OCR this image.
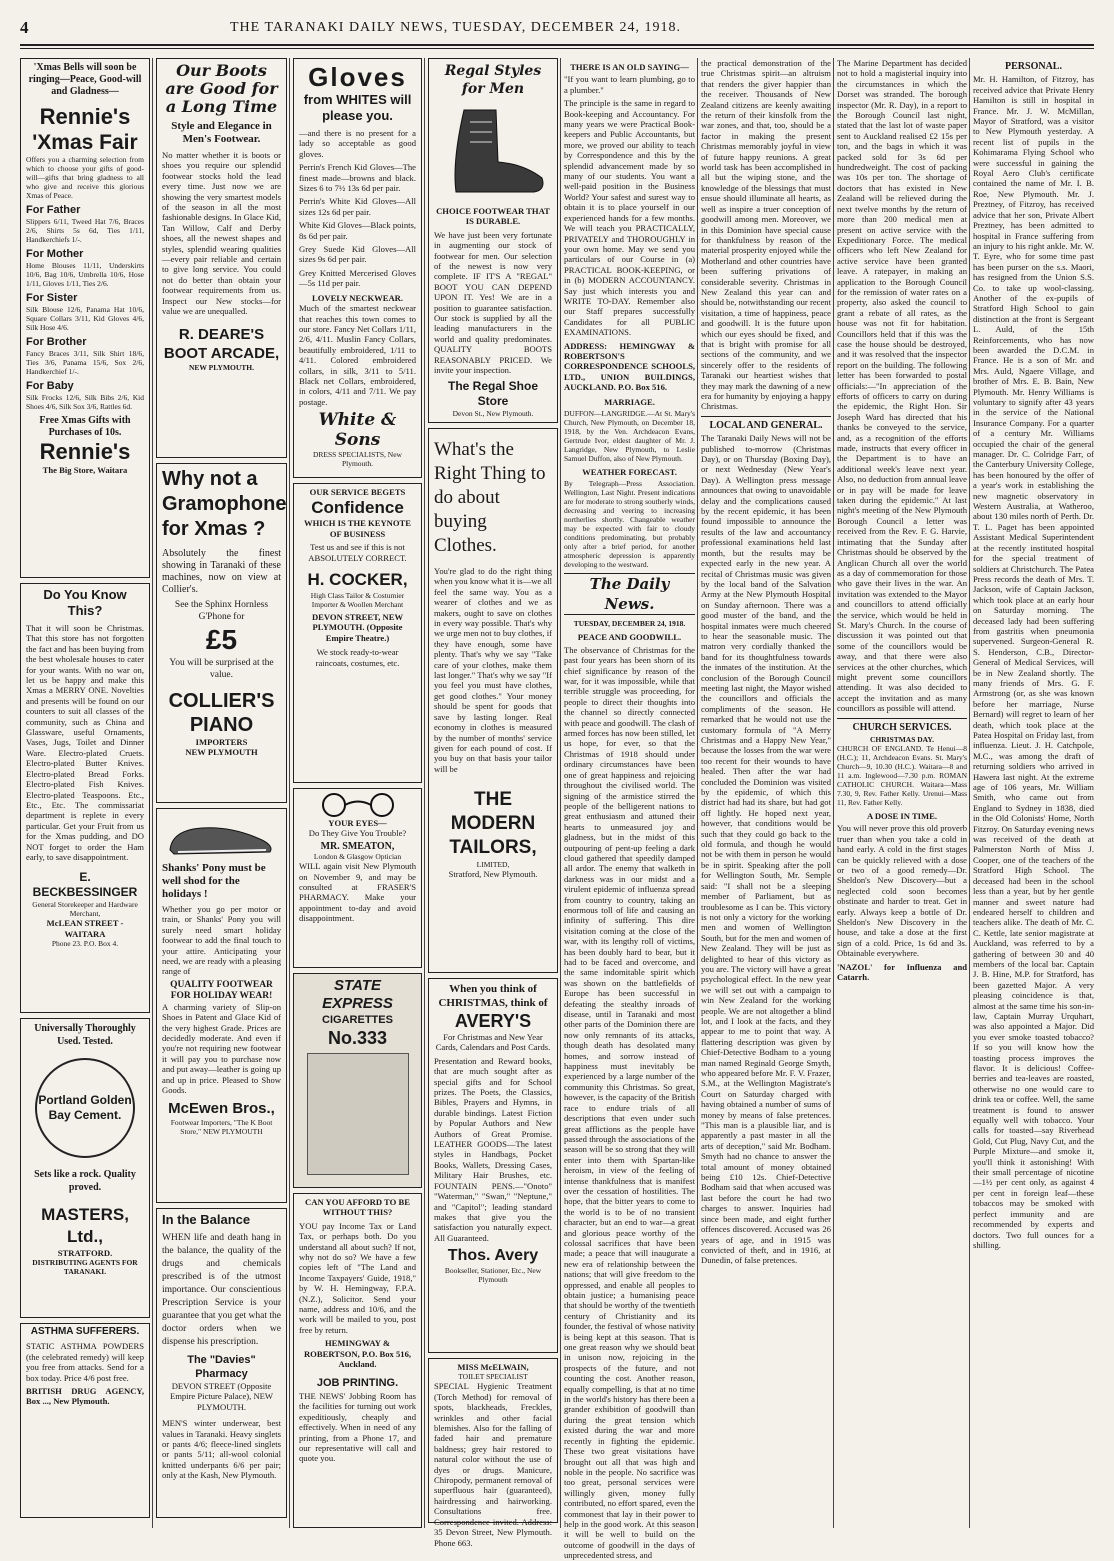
4	THE TARANAKI DAILY NEWS, TUESDAY, DECEMBER 24, 1918.
'Xmas Bells will soon be ringing—Peace, Good-will and Gladness—
Rennie's
'Xmas Fair
Offers you a charming selection from which to choose your gifts of good-will—gifts that bring gladness to all who give and receive this glorious Xmas of Peace.
For Father
Slippers 6/11, Tweed Hat 7/6, Braces 2/6, Shirts 5s 6d, Ties 1/11, Handkerchiefs 1/-.
For Mother
Home Blouses 11/11, Underskirts 10/6, Bag 10/6, Umbrella 10/6, Hose 1/11, Gloves 1/11, Ties 2/6.
For Sister
Silk Blouse 12/6, Panama Hat 10/6, Square Collars 3/11, Kid Gloves 4/6, Silk Hose 4/6.
For Brother
Fancy Braces 3/11, Silk Shirt 18/6, Ties 3/6, Panama 15/6, Sox 2/6, Handkerchief 1/-.
For Baby
Silk Frocks 12/6, Silk Bibs 2/6, Kid Shoes 4/6, Silk Sox 3/6, Rattles 6d.
Free Xmas Gifts with Purchases of 10s.
Rennie's
The Big Store, Waitara
Do You Know This?
That it will soon be Christmas. That this store has not forgotten the fact and has been buying from the best wholesale houses to cater for your wants. With no war on, let us be happy and make this Xmas a MERRY ONE. Novelties and presents will be found on our counters to suit all classes of the community, such as China and Glassware, useful Ornaments, Vases, Jugs, Toilet and Dinner Ware. Electro-plated Cruets. Electro-plated Butter Knives. Electro-plated Bread Forks. Electro-plated Fish Knives. Electro-plated Teaspoons. Etc., Etc., Etc. The commissariat department is replete in every particular. Get your Fruit from us for the Xmas pudding, and DO NOT forget to order the Ham early, to save disappointment.
E. BECKBESSINGER
General Storekeeper and Hardware Merchant,
McLEAN STREET - WAITARA
Phone 23. P.O. Box 4.
Universally Thoroughly Used. Tested.
Portland Golden Bay Cement.
Sets like a rock. Quality proved.
MASTERS, Ltd.,
STRATFORD.
DISTRIBUTING AGENTS FOR TARANAKI.
ASTHMA SUFFERERS.
STATIC ASTHMA POWDERS (the celebrated remedy) will keep you free from attacks. Send for a box today. Price 4/6 post free.
BRITISH DRUG AGENCY, Box ..., New Plymouth.
Our Boots are Good for a Long Time
Style and Elegance in Men's Footwear.
No matter whether it is boots or shoes you require our splendid footwear stocks hold the lead every time. Just now we are showing the very smartest models of the season in all the most fashionable designs. In Glace Kid, Tan Willow, Calf and Derby shoes, all the newest shapes and styles, splendid wearing qualities—every pair reliable and certain to give long service. You could not do better than obtain your footwear requirements from us. Inspect our New stocks—for value we are unequalled.
R. DEARE'S BOOT ARCADE,
NEW PLYMOUTH.
Why not a Gramophone for Xmas ?
Absolutely the finest showing in Taranaki of these machines, now on view at Collier's.
See the Sphinx Hornless G'Phone for
£5
You will be surprised at the value.
COLLIER'S PIANO
IMPORTERS
NEW PLYMOUTH
Shanks' Pony must be well shod for the holidays !
Whether you go per motor or train, or Shanks' Pony you will surely need smart holiday footwear to add the final touch to your attire. Anticipating your need, we are ready with a pleasing range of
QUALITY FOOTWEAR FOR HOLIDAY WEAR!
A charming variety of Slip-on Shoes in Patent and Glace Kid of the very highest Grade. Prices are decidedly moderate. And even if you're not requiring new footwear it will pay you to purchase now and put away—leather is going up and up in price. Pleased to Show Goods.
McEwen Bros.,
Footwear Importers, "The K Boot Store," NEW PLYMOUTH
In the Balance
WHEN life and death hang in the balance, the quality of the drugs and chemicals prescribed is of the utmost importance. Our conscientious Prescription Service is your guarantee that you get what the doctor orders when we dispense his prescription.
The "Davies" Pharmacy
DEVON STREET (Opposite Empire Picture Palace), NEW PLYMOUTH.
MEN'S winter underwear, best values in Taranaki. Heavy singlets or pants 4/6; fleece-lined singlets or pants 5/11; all-wool colonial knitted underpants 6/6 per pair; only at the Kash, New Plymouth.
Gloves
from WHITES will please you.
—and there is no present for a lady so acceptable as good gloves.
Perrin's French Kid Gloves—The finest made—browns and black. Sizes 6 to 7½ 13s 6d per pair.
Perrin's White Kid Gloves—All sizes 12s 6d per pair.
White Kid Gloves—Black points, 8s 6d per pair.
Grey Suede Kid Gloves—All sizes 9s 6d per pair.
Grey Knitted Mercerised Gloves—5s 11d per pair.
LOVELY NECKWEAR.
Much of the smartest neckwear that reaches this town comes to our store. Fancy Net Collars 1/11, 2/6, 4/11. Muslin Fancy Collars, beautifully embroidered, 1/11 to 4/11. Colored embroidered collars, in silk, 3/11 to 5/11. Black net Collars, embroidered, in colors, 4/11 and 7/11. We pay postage.
White & Sons
DRESS SPECIALISTS, New Plymouth.
OUR SERVICE BEGETS
Confidence
WHICH IS THE KEYNOTE OF BUSINESS
Test us and see if this is not ABSOLUTELY CORRECT.
H. COCKER,
High Class Tailor & Costumier Importer & Woollen Merchant
DEVON STREET, NEW PLYMOUTH. (Opposite Empire Theatre.)
We stock ready-to-wear raincoats, costumes, etc.
YOUR EYES—
Do They Give You Trouble?
MR. SMEATON,
London & Glasgow Optician
WILL again visit New Plymouth on November 9, and may be consulted at FRASER'S PHARMACY. Make your appointment to-day and avoid disappointment.
STATE EXPRESS
CIGARETTES
No.333
CAN YOU AFFORD TO BE WITHOUT THIS?
YOU pay Income Tax or Land Tax, or perhaps both. Do you understand all about such? If not, why not do so? We have a few copies left of "The Land and Income Taxpayers' Guide, 1918," by W. H. Hemingway, F.P.A. (N.Z.), Solicitor. Send your name, address and 10/6, and the work will be mailed to you, post free by return.
HEMINGWAY & ROBERTSON, P.O. Box 516, Auckland.
JOB PRINTING.
THE NEWS' Jobbing Room has the facilities for turning out work expeditiously, cheaply and effectively. When in need of any printing, from a Phone 17, and our representative will call and quote you.
Regal Styles for Men
CHOICE FOOTWEAR THAT IS DURABLE.
We have just been very fortunate in augmenting our stock of footwear for men. Our selection of the newest is now very complete. IF IT'S A "REGAL" BOOT YOU CAN DEPEND UPON IT. Yes! We are in a position to guarantee satisfaction. Our stock is supplied by all the leading manufacturers in the world and quality predominates. QUALITY BOOTS REASONABLY PRICED. We invite your inspection.
The Regal Shoe Store
Devon St., New Plymouth.
What's the Right Thing to do about buying Clothes.
You're glad to do the right thing when you know what it is—we all feel the same way. You as a wearer of clothes and we as makers, ought to save on clothes in every way possible. That's why we urge men not to buy clothes, if they have enough, some have plenty. That's why we say "Take care of your clothes, make them last longer." That's why we say "If you feel you must have clothes, get good clothes." Your money should be spent for goods that save by lasting longer. Real economy in clothes is measured by the number of months' service given for each pound of cost. If you buy on that basis your tailor will be
THE MODERN TAILORS,
LIMITED,
Stratford, New Plymouth.
When you think of CHRISTMAS, think of
AVERY'S
For Christmas and New Year Cards, Calendars and Post Cards.
Presentation and Reward books, that are much sought after as special gifts and for School prizes. The Poets, the Classics, Bibles, Prayers and Hymns, in durable bindings. Latest Fiction by Popular Authors and New Authors of Great Promise. LEATHER GOODS—The latest styles in Handbags, Pocket Books, Wallets, Dressing Cases, Military Hair Brushes, etc. FOUNTAIN PENS.—"Onoto" "Waterman," "Swan," "Neptune," and "Capitol"; leading standard makes that give you the satisfaction you naturally expect. All Guaranteed.
Thos. Avery
Bookseller, Stationer, Etc., New Plymouth
MISS McELWAIN,
TOILET SPECIALIST
SPECIAL Hygienic Treatment (Torch Method) for removal of spots, blackheads, Freckles, wrinkles and other facial blemishes. Also for the falling of faded hair and premature baldness; grey hair restored to natural color without the use of dyes or drugs. Manicure, Chiropody, permanent removal of superfluous hair (guaranteed), hairdressing and hairworking. Consultations free. Correspondence invited. Address: 35 Devon Street, New Plymouth. Phone 663.
THERE IS AN OLD SAYING—
"If you want to learn plumbing, go to a plumber."
The principle is the same in regard to Book-keeping and Accountancy. For many years we were Practical Book-keepers and Public Accountants, but more, we proved our ability to teach by Correspondence and this by the splendid advancement made by so many of our students. You want a well-paid position in the Business World? Your safest and surest way to obtain it is to place yourself in our experienced hands for a few months. We will teach you PRACTICALLY, PRIVATELY and THOROUGHLY in your own home. May we send you particulars of our Course in (a) PRACTICAL BOOK-KEEPING, or in (b) MODERN ACCOUNTANCY. Say just which interests you and WRITE TO-DAY. Remember also our Staff prepares successfully Candidates for all PUBLIC EXAMINATIONS.
ADDRESS: HEMINGWAY & ROBERTSON'S CORRESPONDENCE SCHOOLS, LTD., UNION BUILDINGS, AUCKLAND. P.O. Box 516.
MARRIAGE.
DUFFON—LANGRIDGE.—At St. Mary's Church, New Plymouth, on December 18, 1918, by the Ven. Archdeacon Evans, Gertrude Ivor, eldest daughter of Mr. J. Langridge, New Plymouth, to Leslie Samuel Duffon, also of New Plymouth.
WEATHER FORECAST.
By Telegraph—Press Association. Wellington, Last Night. Present indications are for moderate to strong southerly winds, decreasing and veering to increasing northerlies shortly. Changeable weather may be expected with fair to cloudy conditions predominating, but probably only after a brief period, for another atmospheric depression is apparently developing to the westward.
The Daily News.
TUESDAY, DECEMBER 24, 1918.
PEACE AND GOODWILL.
The observance of Christmas for the past four years has been shorn of its chief significance by reason of the war, for it was impossible, while that terrible struggle was proceeding, for people to direct their thoughts into the channel so directly connected with peace and goodwill. The clash of armed forces has now been stilled, let us hope, for ever, so that the Christmas of 1918 should under ordinary circumstances have been one of great happiness and rejoicing throughout the civilised world. The signing of the armistice stirred the people of the belligerent nations to great enthusiasm and attuned their hearts to unmeasured joy and gladness, but in the midst of this outpouring of pent-up feeling a dark cloud gathered that speedily damped all ardor. The enemy that walketh in darkness was in our midst and a virulent epidemic of influenza spread from country to country, taking an enormous toll of life and causing an infinity of suffering. This dire visitation coming at the close of the war, with its lengthy roll of victims, has been doubly hard to bear, but it had to be faced and overcome, and the same indomitable spirit which was shown on the battlefields of Europe has been successful in defeating the stealthy inroads of disease, until in Taranaki and most other parts of the Dominion there are now only remnants of its attacks, though death has desolated many homes, and sorrow instead of happiness must inevitably be experienced by a large number of the community this Christmas. So great, however, is the capacity of the British race to endure trials of all descriptions that even under such great afflictions as the people have passed through the associations of the season will be so strong that they will enter into them with Spartan-like heroism, in view of the feeling of intense thankfulness that is manifest over the cessation of hostilities. The hope, that the bitter years to come to the world is to be of no transient character, but an end to war—a great and glorious peace worthy of the colossal sacrifices that have been made; a peace that will inaugurate a new era of relationship between the nations; that will give freedom to the oppressed, and enable all peoples to obtain justice; a humanising peace that should be worthy of the twentieth century of Christianity and its founder, the festival of whose nativity is being kept at this season. That is one great reason why we should beat in unison now, rejoicing in the prospects of the future, and not counting the cost. Another reason, equally compelling, is that at no time in the world's history has there been a grander exhibition of goodwill than during the great tension which existed during the war and more recently in fighting the epidemic. These two great visitations have brought out all that was high and noble in the people. No sacrifice was too great, personal services were willingly given, money fully contributed, no effort spared, even the commonest that lay in their power to help in the good work. At this season it will be well to build on the outcome of goodwill in the days of unprecedented stress, and
the practical demonstration of the true Christmas spirit—an altruism that renders the giver happier than the receiver. Thousands of New Zealand citizens are keenly awaiting the return of their kinsfolk from the war zones, and that, too, should be a factor in making the present Christmas memorably joyful in view of future happy reunions. A great world task has been accomplished in all but the wiping stone, and the knowledge of the blessings that must ensue should illuminate all hearts, as well as inspire a truer conception of goodwill among men. Moreover, we in this Dominion have special cause for thankfulness by reason of the material prosperity enjoyed while the Motherland and other countries have been suffering privations of considerable severity. Christmas in New Zealand this year can and should be, notwithstanding our recent visitation, a time of happiness, peace and goodwill. It is the future upon which our eyes should be fixed, and that is bright with promise for all sections of the community, and we sincerely offer to the residents of Taranaki our heartiest wishes that they may mark the dawning of a new era for humanity by enjoying a happy Christmas.
LOCAL AND GENERAL.
The Taranaki Daily News will not be published to-morrow (Christmas Day), or on Thursday (Boxing Day), or next Wednesday (New Year's Day). A Wellington press message announces that owing to unavoidable delay and the complications caused by the recent epidemic, it has been found impossible to announce the results of the law and accountancy professional examinations held last month, but the results may be expected early in the new year. A recital of Christmas music was given by the local band of the Salvation Army at the New Plymouth Hospital on Sunday afternoon. There was a good muster of the band, and the hospital inmates were much cheered to hear the seasonable music. The matron very cordially thanked the band for its thoughtfulness towards the inmates of the institution. At the conclusion of the Borough Council meeting last night, the Mayor wished the councillors and officials the compliments of the season. He remarked that he would not use the customary formula of "A Merry Christmas and a Happy New Year," because the losses from the war were too recent for their wounds to have healed. Then after the war had concluded the Dominion was visited by the epidemic, of which this district had had its share, but had got off lightly. He hoped next year, however, that conditions would be such that they could go back to the old formula, and though he would not be with them in person he would be in spirit. Speaking after the poll for Wellington South, Mr. Semple said: "I shall not be a sleeping member of Parliament, but as troublesome as I can be. This victory is not only a victory for the working men and women of Wellington South, but for the men and women of New Zealand. They will be just as delighted to hear of this victory as you are. The victory will have a great psychological effect. In the new year we will set out with a campaign to win New Zealand for the working people. We are not altogether a blind lot, and I look at the facts, and they appear to me to point that way. A flattering description was given by Chief-Detective Bodham to a young man named Reginald George Smyth, who appeared before Mr. F. V. Frazer, S.M., at the Wellington Magistrate's Court on Saturday charged with having obtained a number of sums of money by means of false pretences. "This man is a plausible liar, and is apparently a past master in all the arts of deception," said Mr. Bodham. Smyth had no chance to answer the total amount of money obtained being £10 12s. Chief-Detective Bodham said that when accused was last before the court he had two charges to answer. Inquiries had since been made, and eight further offences discovered. Accused was 26 years of age, and in 1915 was convicted of theft, and in 1916, at Dunedin, of false pretences.
The Marine Department has decided not to hold a magisterial inquiry into the circumstances in which the Dorset was stranded. The borough inspector (Mr. R. Day), in a report to the Borough Council last night, stated that the last lot of waste paper sent to Auckland realised £2 15s per ton, and the bags in which it was packed sold for 3s 6d per hundredweight. The cost of packing was 10s per ton. The shortage of doctors that has existed in New Zealand will be relieved during the next twelve months by the return of more than 200 medical men at present on active service with the Expeditionary Force. The medical officers who left New Zealand for active service have been granted leave. A ratepayer, in making an application to the Borough Council for the remission of water rates on a property, also asked the council to grant a rebate of all rates, as the house was not fit for habitation. Councillors held that if this was the case the house should be destroyed, and it was resolved that the inspector report on the building. The following letter has been forwarded to postal officials:—"In appreciation of the efforts of officers to carry on during the epidemic, the Right Hon. Sir Joseph Ward has directed that his thanks be conveyed to the service, and, as a recognition of the efforts made, instructs that every officer in the Department is to have an additional week's leave next year. Also, no deduction from annual leave or in pay will be made for leave taken during the epidemic." At last night's meeting of the New Plymouth Borough Council a letter was received from the Rev. F. G. Harvie, intimating that the Sunday after Christmas should be observed by the Anglican Church all over the world as a day of commemoration for those who gave their lives in the war. An invitation was extended to the Mayor and councillors to attend officially the service, which would be held in St. Mary's Church. In the course of discussion it was pointed out that some of the councillors would be away, and that there were also services at the other churches, which might prevent some councillors attending. It was also decided to accept the invitation and as many councillors as possible will attend.
CHURCH SERVICES.
CHRISTMAS DAY.
CHURCH OF ENGLAND. Te Henui—8 (H.C.); 11, Archdeacon Evans. St. Mary's Church—9, 10.30 (H.C.). Waitara—8 and 11 a.m. Inglewood—7.30 p.m. ROMAN CATHOLIC CHURCH. Waitara—Mass 7.30, 9, Rev. Father Kelly. Urenui—Mass 11, Rev. Father Kelly.
A DOSE IN TIME.
You will never prove this old proverb truer than when you take a cold in hand early. A cold in the first stages can be quickly relieved with a dose or two of a good remedy—Dr. Sheldon's New Discovery—but a neglected cold soon becomes obstinate and harder to treat. Get in early. Always keep a bottle of Dr. Sheldon's New Discovery in the house, and take a dose at the first sign of a cold. Price, 1s 6d and 3s. Obtainable everywhere.
'NAZOL' for Influenza and Catarrh.
PERSONAL.
Mr. H. Hamilton, of Fitzroy, has received advice that Private Henry Hamilton is still in hospital in France. Mr. J. W. McMillan, Mayor of Stratford, was a visitor to New Plymouth yesterday. A recent list of pupils in the Kohimarama Flying School who were successful in gaining the Royal Aero Club's certificate contained the name of Mr. I. B. Roe, New Plymouth. Mr. J. Preztney, of Fitzroy, has received advice that her son, Private Albert Preztney, has been admitted to hospital in France suffering from an injury to his right ankle. Mr. W. T. Eyre, who for some time past has been purser on the s.s. Maori, has resigned from the Union S.S. Co. to take up wool-classing. Another of the ex-pupils of Stratford High School to gain distinction at the front is Sergeant L. Auld, of the 15th Reinforcements, who has now been awarded the D.C.M. in France. He is a son of Mr. and Mrs. Auld, Ngaere Village, and brother of Mrs. E. B. Bain, New Plymouth. Mr. Henry Williams is voluntary to signify after 43 years in the service of the National Insurance Company. For a quarter of a century Mr. Williams occupied the chair of the general manager. Dr. C. Colridge Farr, of the Canterbury University College, has been honoured by the offer of a year's work in establishing the new magnetic observatory in Western Australia, at Watheroo, about 130 miles north of Perth. Dr. T. L. Paget has been appointed Assistant Medical Superintendent at the recently instituted hospital for the special treatment of soldiers at Christchurch. The Patea Press records the death of Mrs. T. Jackson, wife of Captain Jackson, which took place at an early hour on Saturday morning. The deceased lady had been suffering from gastritis when pneumonia supervened. Surgeon-General R. S. Henderson, C.B., Director-General of Medical Services, will be in New Zealand shortly. The many friends of Mrs. G. F. Armstrong (or, as she was known before her marriage, Nurse Bernard) will regret to learn of her death, which took place at the Patea Hospital on Friday last, from influenza. Lieut. J. H. Catchpole, M.C., was among the draft of returning soldiers who arrived in Hawera last night. At the extreme age of 106 years, Mr. William Smith, who came out from England to Sydney in 1838, died in the Old Colonists' Home, North Fitzroy. On Saturday evening news was received of the death at Palmerston North of Miss J. Cooper, one of the teachers of the Stratford High School. The deceased had been in the school less than a year, but by her gentle manner and sweet nature had endeared herself to children and teachers alike. The death of Mr. C. C. Kettle, late senior magistrate at Auckland, was referred to by a gathering of between 30 and 40 members of the local bar. Captain J. B. Hine, M.P. for Stratford, has been gazetted Major. A very pleasing coincidence is that, almost at the same time his son-in-law, Captain Murray Urquhart, was also appointed a Major. Did you ever smoke toasted tobacco? If so you will know how the toasting process improves the flavor. It is delicious! Coffee-berries and tea-leaves are roasted, otherwise no one would care to drink tea or coffee. Well, the same treatment is found to answer equally well with tobacco. Your calls for toasted—say Riverhead Gold, Cut Plug, Navy Cut, and the Purple Mixture—and smoke it, you'll think it astonishing! With their small percentage of nicotine—1½ per cent only, as against 4 per cent in foreign leaf—these tobaccos may be smoked with perfect immunity and are recommended by experts and doctors. Two full ounces for a shilling.
